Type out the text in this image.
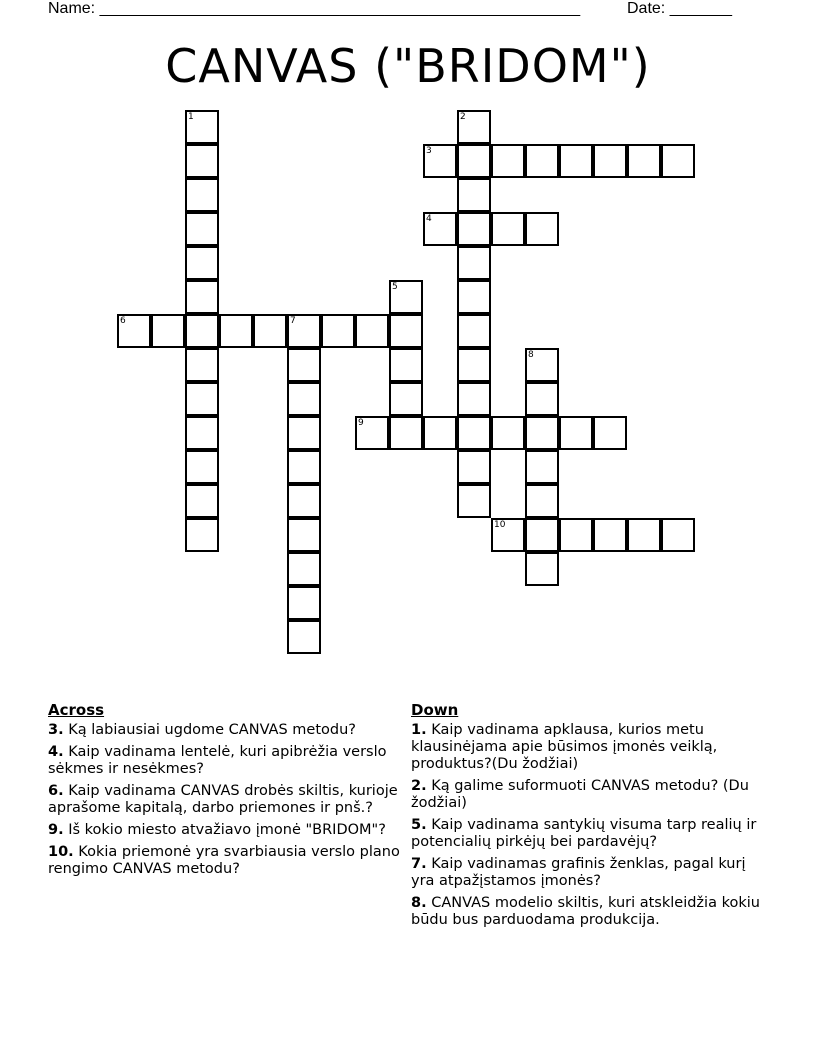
Name: ______________________________________________________	Date: _______
CANVAS ("BRIDOM")
1	2
3
4
5
6	7
8
9
10
Across
3. Ką labiausiai ugdome CANVAS metodu?
4. Kaip vadinama lentelė, kuri apibrėžia verslo sėkmes ir nesėkmes?
6. Kaip vadinama CANVAS drobės skiltis, kurioje aprašome kapitalą, darbo priemones ir pnš.?
9. Iš kokio miesto atvažiavo įmonė "BRIDOM"?
10. Kokia priemonė yra svarbiausia verslo plano rengimo CANVAS metodu?
Down
1. Kaip vadinama apklausa, kurios metu klausinėjama apie būsimos įmonės veiklą, produktus?(Du žodžiai)
2. Ką galime suformuoti CANVAS metodu? (Du žodžiai)
5. Kaip vadinama santykių visuma tarp realių ir potencialių pirkėjų bei pardavėjų?
7. Kaip vadinamas grafinis ženklas, pagal kurį yra atpažįstamos įmonės?
8. CANVAS modelio skiltis, kuri atskleidžia kokiu būdu bus parduodama produkcija.
